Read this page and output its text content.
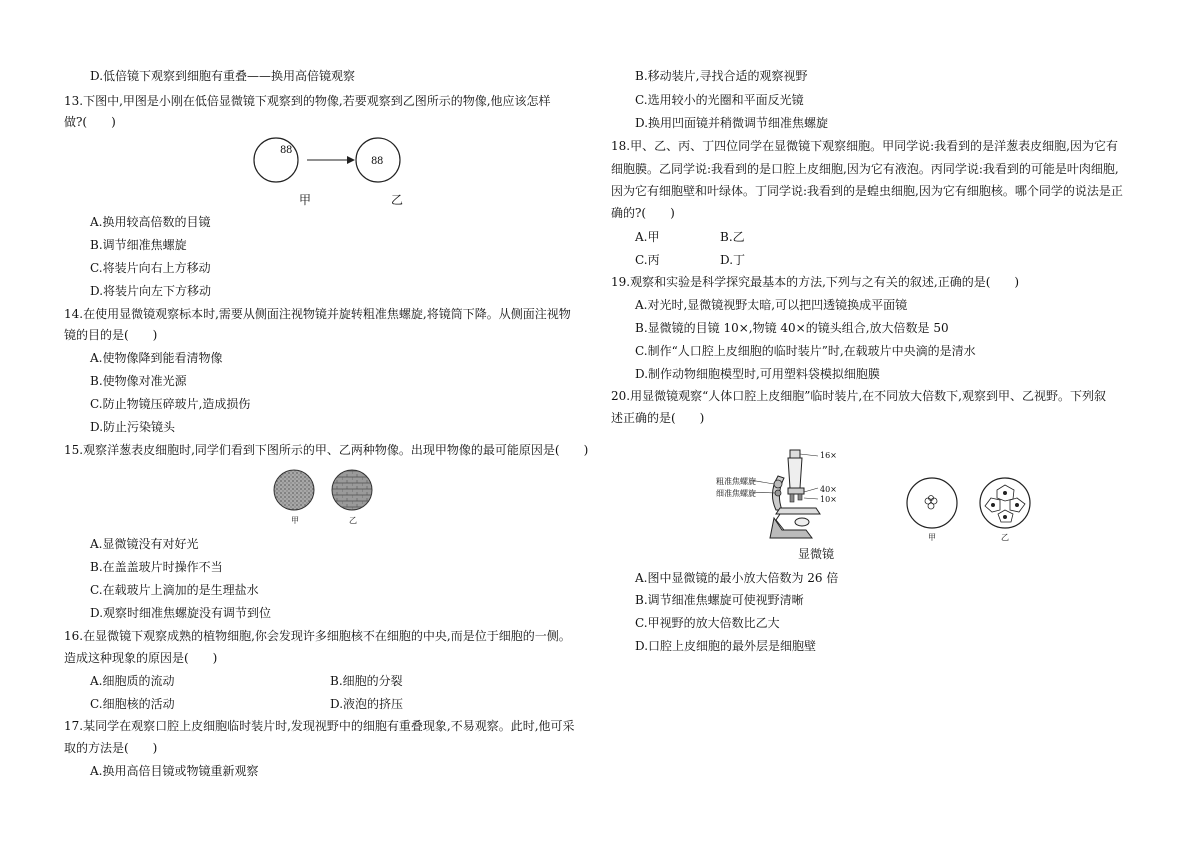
D.低倍镜下观察到细胞有重叠——换用高倍镜观察
13.下图中,甲图是小刚在低倍显微镜下观察到的物像,若要观察到乙图所示的物像,他应该怎样
做?(　　)
8 8
8 8
甲	乙
A.换用较高倍数的目镜
B.调节细准焦螺旋
C.将装片向右上方移动
D.将装片向左下方移动
14.在使用显微镜观察标本时,需要从侧面注视物镜并旋转粗准焦螺旋,将镜筒下降。从侧面注视物
镜的目的是(　　)
A.使物像降到能看清物像
B.使物像对准光源
C.防止物镜压碎玻片,造成损伤
D.防止污染镜头
15.观察洋葱表皮细胞时,同学们看到下图所示的甲、乙两种物像。出现甲物像的最可能原因是(　　)
甲	乙
A.显微镜没有对好光
B.在盖盖玻片时操作不当
C.在载玻片上滴加的是生理盐水
D.观察时细准焦螺旋没有调节到位
16.在显微镜下观察成熟的植物细胞,你会发现许多细胞核不在细胞的中央,而是位于细胞的一侧。
造成这种现象的原因是(　　)
A.细胞质的流动	B.细胞的分裂
C.细胞核的活动	D.液泡的挤压
17.某同学在观察口腔上皮细胞临时装片时,发现视野中的细胞有重叠现象,不易观察。此时,他可采
取的方法是(　　)
A.换用高倍目镜或物镜重新观察
B.移动装片,寻找合适的观察视野
C.选用较小的光圈和平面反光镜
D.换用凹面镜并稍微调节细准焦螺旋
18.甲、乙、丙、丁四位同学在显微镜下观察细胞。甲同学说:我看到的是洋葱表皮细胞,因为它有
细胞膜。乙同学说:我看到的是口腔上皮细胞,因为它有液泡。丙同学说:我看到的可能是叶肉细胞,
因为它有细胞壁和叶绿体。丁同学说:我看到的是蝗虫细胞,因为它有细胞核。哪个同学的说法是正
确的?(　　)
A.甲	B.乙
C.丙	D.丁
19.观察和实验是科学探究最基本的方法,下列与之有关的叙述,正确的是(　　)
A.对光时,显微镜视野太暗,可以把凹透镜换成平面镜
B.显微镜的目镜 10×,物镜 40×的镜头组合,放大倍数是 50
C.制作“人口腔上皮细胞的临时装片”时,在载玻片中央滴的是清水
D.制作动物细胞模型时,可用塑料袋模拟细胞膜
20.用显微镜观察“人体口腔上皮细胞”临时装片,在不同放大倍数下,观察到甲、乙视野。下列叙
述正确的是(　　)
16×
粗准焦螺旋
细准焦螺旋	40×
10×
显微镜
甲	乙
A.图中显微镜的最小放大倍数为 26 倍
B.调节细准焦螺旋可使视野清晰
C.甲视野的放大倍数比乙大
D.口腔上皮细胞的最外层是细胞壁
